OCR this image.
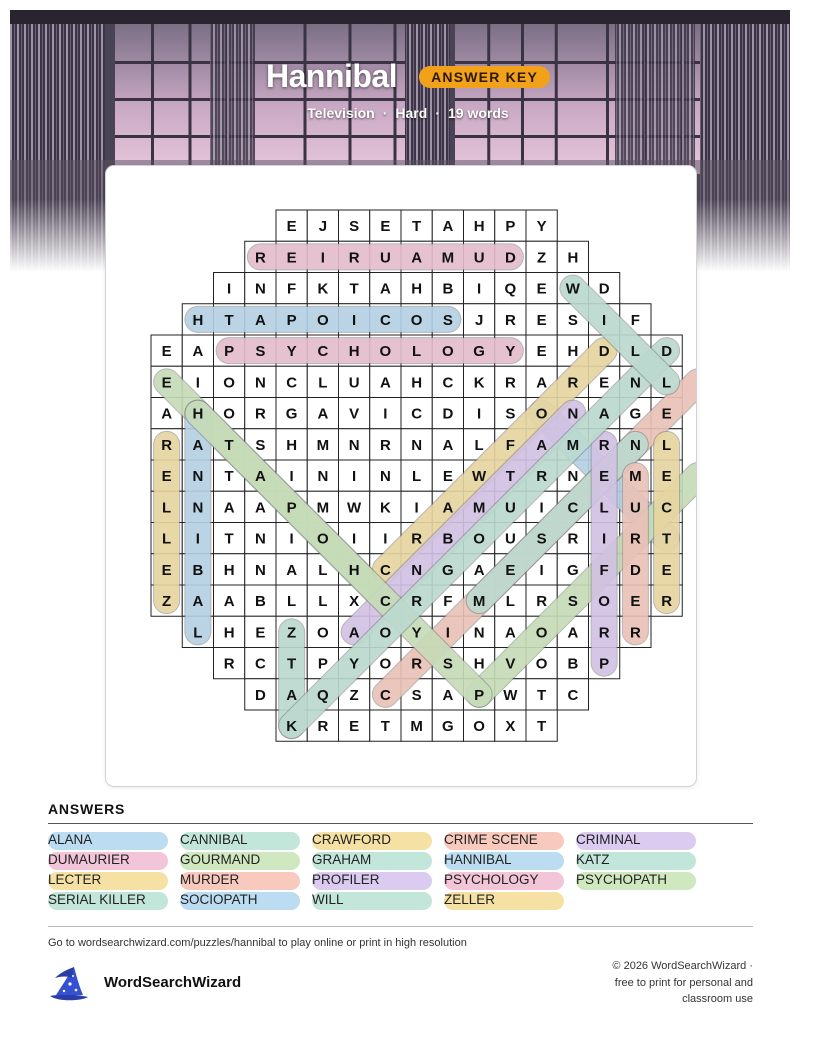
Hannibal	ANSWER KEY
Television · Hard · 19 words
E J S E T A H P Y
R E I R U A M U D Z H
I N F K T A H B I Q E W D
H T A P O I C O S J R E S I F
E A P S Y C H O L O G Y E H D L D
E I O N C L U A H C K R A R E N L
A H O R G A V I C D I S O N A G E
R A T S H M N R N A L F A M R N L
E N T A I N I N L E W T R N E M E
L N A A P M W K I A M U I C L U C
L I T N I O I I R B O U S R I R T
E B H N A L H C N G A E I G F D E
Z A A B L L X C R F M L R S O E R
L H E Z O A O Y I N A O A R R
R C T P Y O R S H V O B P
D A Q Z C S A P W T C
K R E T M G O X T
ANSWERS
ALANA	CANNIBAL	CRAWFORD	CRIME SCENE	CRIMINAL
DUMAURIER	GOURMAND	GRAHAM	HANNIBAL	KATZ
LECTER	MURDER	PROFILER	PSYCHOLOGY	PSYCHOPATH
SERIAL KILLER	SOCIOPATH	WILL	ZELLER
Go to wordsearchwizard.com/puzzles/hannibal to play online or print in high resolution
WordSearchWizard
© 2026 WordSearchWizard ·
free to print for personal and
classroom use
